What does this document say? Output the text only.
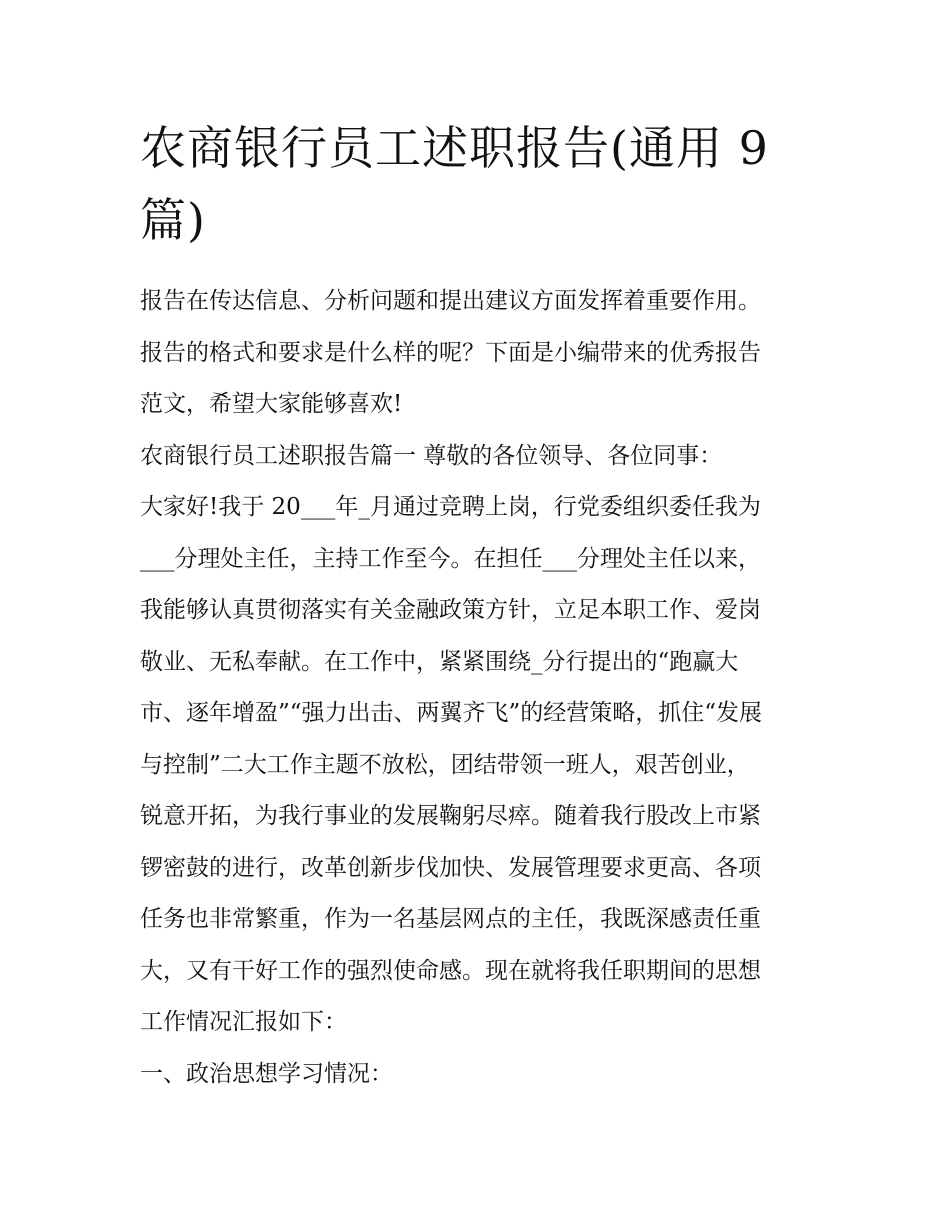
农商银行员工述职报告(通用 9
篇)
报告在传达信息、分析问题和提出建议方面发挥着重要作用。
报告的格式和要求是什么样的呢？下面是小编带来的优秀报告
范文，希望大家能够喜欢!
农商银行员工述职报告篇一 尊敬的各位领导、各位同事：
大家好!我于 20___年_月通过竞聘上岗，行党委组织委任我为
___分理处主任，主持工作至今。在担任___分理处主任以来，
我能够认真贯彻落实有关金融政策方针，立足本职工作、爱岗
敬业、无私奉献。在工作中，紧紧围绕_分行提出的“跑赢大
市、逐年增盈”“强力出击、两翼齐飞”的经营策略，抓住“发展
与控制”二大工作主题不放松，团结带领一班人，艰苦创业，
锐意开拓，为我行事业的发展鞠躬尽瘁。随着我行股改上市紧
锣密鼓的进行，改革创新步伐加快、发展管理要求更高、各项
任务也非常繁重，作为一名基层网点的主任，我既深感责任重
大，又有干好工作的强烈使命感。现在就将我任职期间的思想
工作情况汇报如下：
一、政治思想学习情况：
